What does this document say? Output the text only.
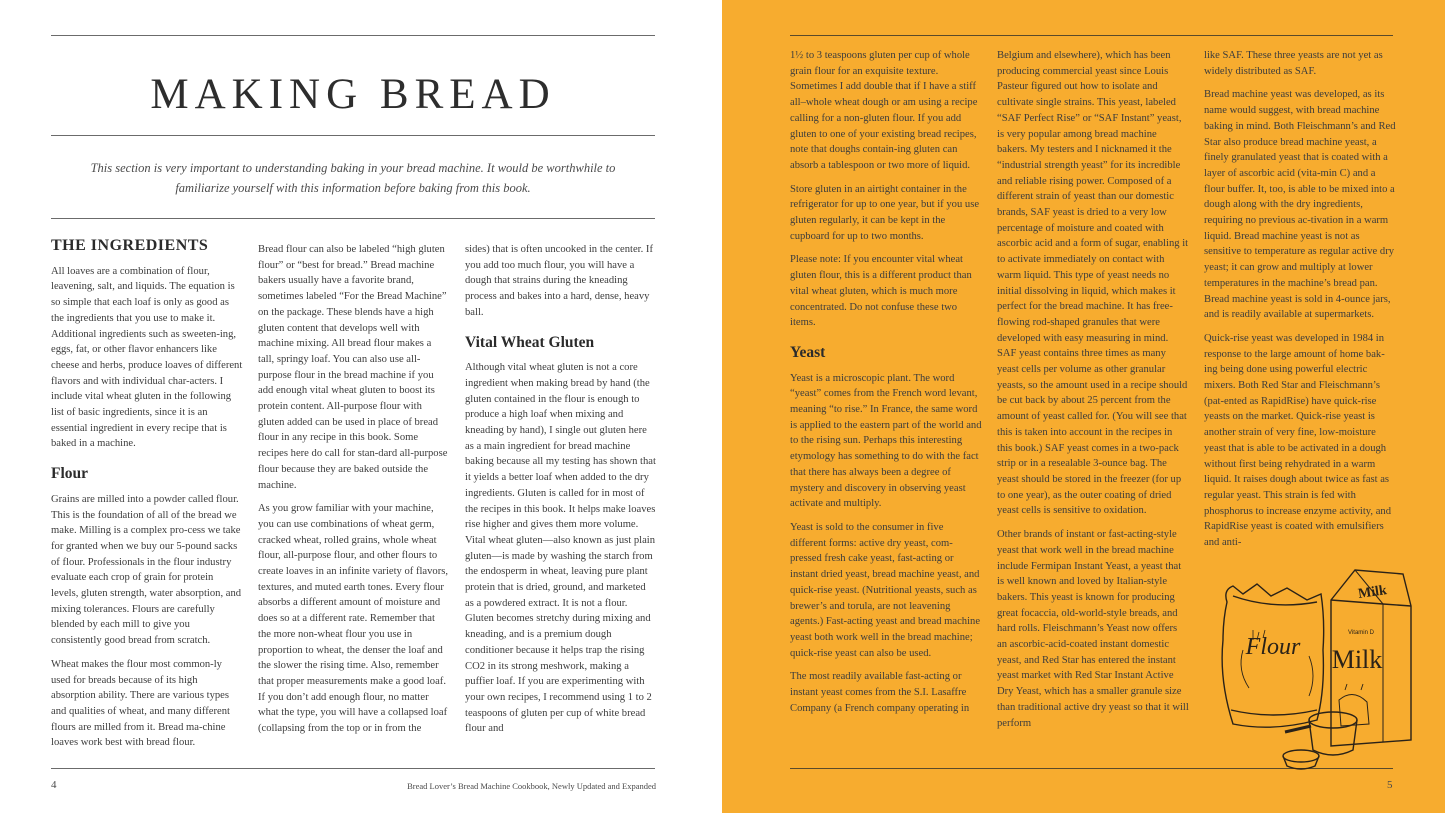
MAKING BREAD
This section is very important to understanding baking in your bread machine. It would be worthwhile to familiarize yourself with this information before baking from this book.
THE INGREDIENTS

All loaves are a combination of flour, leavening, salt, and liquids. The equation is so simple that each loaf is only as good as the ingredients that you use to make it. Additional ingredients such as sweeten-ing, eggs, fat, or other flavor enhancers like cheese and herbs, produce loaves of different flavors and with individual char-acters. I include vital wheat gluten in the following list of basic ingredients, since it is an essential ingredient in every recipe that is baked in a machine.

Flour

Grains are milled into a powder called flour. This is the foundation of all of the bread we make. Milling is a complex pro-cess we take for granted when we buy our 5-pound sacks of flour. Professionals in the flour industry evaluate each crop of grain for protein levels, gluten strength, water absorption, and mixing tolerances. Flours are carefully blended by each mill to give you consistently good bread from scratch.

Wheat makes the flour most common-ly used for breads because of its high absorption ability. There are various types and qualities of wheat, and many different flours are milled from it. Bread ma-chine loaves work best with bread flour.

Bread flour can also be labeled “high gluten flour” or “best for bread.” Bread machine bakers usually have a favorite brand, sometimes labeled “For the Bread Machine” on the package. These blends have a high gluten content that develops well with machine mixing. All bread flour makes a tall, springy loaf. You can also use all-purpose flour in the bread machine if you add enough vital wheat gluten to boost its protein content. All-purpose flour with gluten added can be used in place of bread flour in any recipe in this book. Some recipes here do call for stan-dard all-purpose flour because they are baked outside the machine.

As you grow familiar with your machine, you can use combinations of wheat germ, cracked wheat, rolled grains, whole wheat flour, all-purpose flour, and other flours to create loaves in an infinite variety of flavors, textures, and muted earth tones. Every flour absorbs a different amount of moisture and does so at a different rate. Remember that the more non-wheat flour you use in proportion to wheat, the denser the loaf and the slower the rising time. Also, remember that proper measurements make a good loaf. If you don’t add enough flour, no matter what the type, you will have a collapsed loaf (collapsing from the top or in from the

sides) that is often uncooked in the center. If you add too much flour, you will have a dough that strains during the kneading process and bakes into a hard, dense, heavy ball.

Vital Wheat Gluten

Although vital wheat gluten is not a core ingredient when making bread by hand (the gluten contained in the flour is enough to produce a high loaf when mixing and kneading by hand), I single out gluten here as a main ingredient for bread machine baking because all my testing has shown that it yields a better loaf when added to the dry ingredients. Gluten is called for in most of the recipes in this book. It helps make loaves rise higher and gives them more volume. Vital wheat gluten—also known as just plain gluten—is made by washing the starch from the endosperm in wheat, leaving pure plant protein that is dried, ground, and marketed as a powdered extract. It is not a flour. Gluten becomes stretchy during mixing and kneading, and is a premium dough conditioner because it helps trap the rising CO2 in its strong meshwork, making a puffier loaf. If you are experimenting with your own recipes, I recommend using 1 to 2 teaspoons of gluten per cup of white bread flour and

1½ to 3 teaspoons gluten per cup of whole grain flour for an exquisite texture. Sometimes I add double that if I have a stiff all–whole wheat dough or am using a recipe calling for a non-gluten flour. If you add gluten to one of your existing bread recipes, note that doughs contain-ing gluten can absorb a tablespoon or two more of liquid.

Store gluten in an airtight container in the refrigerator for up to one year, but if you use gluten regularly, it can be kept in the cupboard for up to two months.

Please note: If you encounter vital wheat gluten flour, this is a different product than vital wheat gluten, which is much more concentrated. Do not confuse these two items.

Yeast

Yeast is a microscopic plant. The word “yeast” comes from the French word levant, meaning “to rise.” In France, the same word is applied to the eastern part of the world and to the rising sun. Perhaps this interesting etymology has something to do with the fact that there has always been a degree of mystery and discovery in observing yeast activate and multiply.

Yeast is sold to the consumer in five different forms: active dry yeast, com-pressed fresh cake yeast, fast-acting or instant dried yeast, bread machine yeast, and quick-rise yeast. (Nutritional yeasts, such as brewer’s and torula, are not leavening agents.) Fast-acting yeast and bread machine yeast both work well in the bread machine; quick-rise yeast can also be used.

The most readily available fast-acting or instant yeast comes from the S.I. Lasaffre Company (a French company operating in

Belgium and elsewhere), which has been producing commercial yeast since Louis Pasteur figured out how to isolate and cultivate single strains. This yeast, labeled “SAF Perfect Rise” or “SAF Instant” yeast, is very popular among bread machine bakers. My testers and I nicknamed it the “industrial strength yeast” for its incredible and reliable rising power. Composed of a different strain of yeast than our domestic brands, SAF yeast is dried to a very low percentage of moisture and coated with ascorbic acid and a form of sugar, enabling it to activate immediately on contact with warm liquid. This type of yeast needs no initial dissolving in liquid, which makes it perfect for the bread machine. It has free-flowing rod-shaped granules that were developed with easy measuring in mind. SAF yeast contains three times as many yeast cells per volume as other granular yeasts, so the amount used in a recipe should be cut back by about 25 percent from the amount of yeast called for. (You will see that this is taken into account in the recipes in this book.) SAF yeast comes in a two-pack strip or in a resealable 3-ounce bag. The yeast should be stored in the freezer (for up to one year), as the outer coating of dried yeast cells is sensitive to oxidation.

Other brands of instant or fast-acting-style yeast that work well in the bread machine include Fermipan Instant Yeast, a yeast that is well known and loved by Italian-style bakers. This yeast is known for producing great focaccia, old-world-style breads, and hard rolls. Fleischmann’s Yeast now offers an ascorbic-acid-coated instant domestic yeast, and Red Star has entered the instant yeast market with Red Star Instant Active Dry Yeast, which has a smaller granule size than traditional active dry yeast so that it will perform

like SAF. These three yeasts are not yet as widely distributed as SAF.

Bread machine yeast was developed, as its name would suggest, with bread machine baking in mind. Both Fleischmann’s and Red Star also produce bread machine yeast, a finely granulated yeast that is coated with a layer of ascorbic acid (vita-min C) and a flour buffer. It, too, is able to be mixed into a dough along with the dry ingredients, requiring no previous ac-tivation in a warm liquid. Bread machine yeast is not as sensitive to temperature as regular active dry yeast; it can grow and multiply at lower temperatures in the machine’s bread pan. Bread machine yeast is sold in 4-ounce jars, and is readily available at supermarkets.

Quick-rise yeast was developed in 1984 in response to the large amount of home bak-ing being done using powerful electric mixers. Both Red Star and Fleischmann’s (pat-ented as RapidRise) have quick-rise yeasts on the market. Quick-rise yeast is another strain of very fine, low-moisture yeast that is able to be activated in a dough without first being rehydrated in a warm liquid. It raises dough about twice as fast as regular yeast. This strain is fed with phosphorus to increase enzyme activity, and RapidRise yeast is coated with emulsifiers and anti-

Flour
Milk
Vitamin D
Milk
4	Bread Lover’s Bread Machine Cookbook, Newly Updated and Expanded	5
